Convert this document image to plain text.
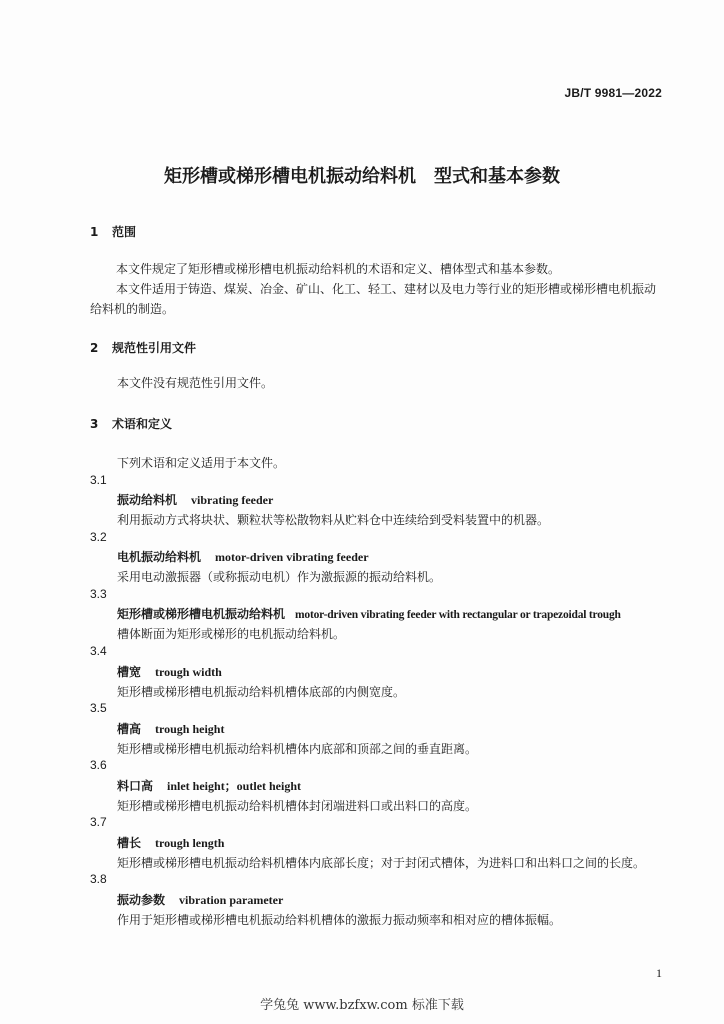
JB/T 9981—2022
矩形槽或梯形槽电机振动给料机　型式和基本参数
1 范围
本文件规定了矩形槽或梯形槽电机振动给料机的术语和定义、槽体型式和基本参数。
本文件适用于铸造、煤炭、冶金、矿山、化工、轻工、建材以及电力等行业的矩形槽或梯形槽电机振动给料机的制造。
2 规范性引用文件
本文件没有规范性引用文件。
3 术语和定义
下列术语和定义适用于本文件。
3.1
振动给料机 vibrating feeder
利用振动方式将块状、颗粒状等松散物料从贮料仓中连续给到受料装置中的机器。
3.2
电机振动给料机 motor-driven vibrating feeder
采用电动激振器（或称振动电机）作为激振源的振动给料机。
3.3
矩形槽或梯形槽电机振动给料机 motor-driven vibrating feeder with rectangular or trapezoidal trough
槽体断面为矩形或梯形的电机振动给料机。
3.4
槽宽 trough width
矩形槽或梯形槽电机振动给料机槽体底部的内侧宽度。
3.5
槽高 trough height
矩形槽或梯形槽电机振动给料机槽体内底部和顶部之间的垂直距离。
3.6
料口高 inlet height；outlet height
矩形槽或梯形槽电机振动给料机槽体封闭端进料口或出料口的高度。
3.7
槽长 trough length
矩形槽或梯形槽电机振动给料机槽体内底部长度；对于封闭式槽体，为进料口和出料口之间的长度。
3.8
振动参数 vibration parameter
作用于矩形槽或梯形槽电机振动给料机槽体的激振力振动频率和相对应的槽体振幅。
1
学兔兔 www.bzfxw.com 标准下载
